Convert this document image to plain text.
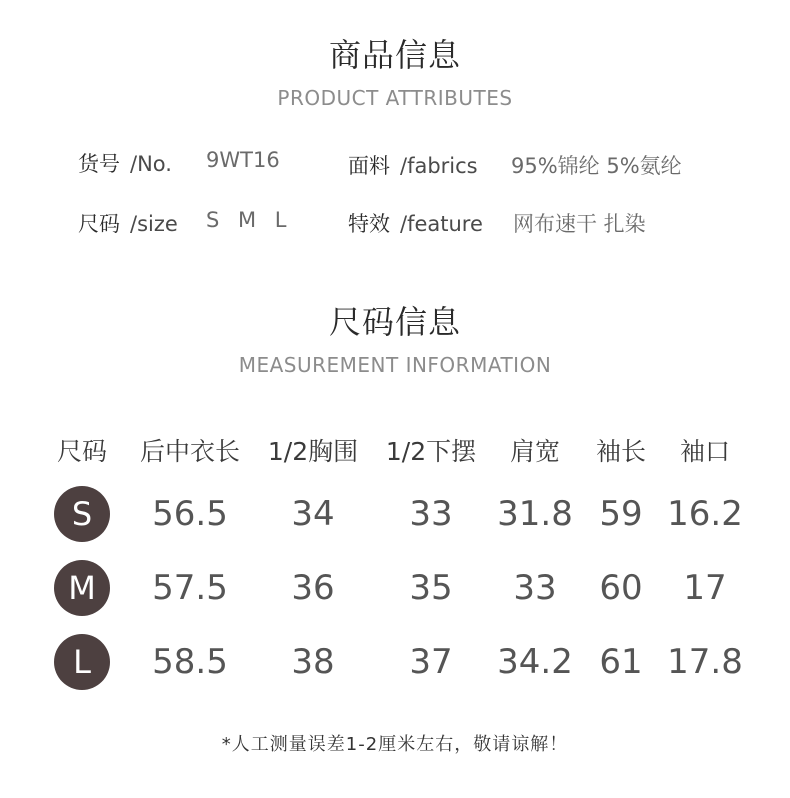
商品信息
PRODUCT ATTRIBUTES
货号 /No. 9WT16	面料 /fabrics 95%锦纶 5%氨纶
尺码 /size S M L	特效 /feature 网布速干 扎染
尺码信息
MEASUREMENT INFORMATION
尺码 后中衣长 1/2胸围 1/2下摆 肩宽 袖长 袖口
S	56.5 34 33 31.8 59 16.2
M	57.5 36 35 33 60 17
L	58.5 38 37 34.2 61 17.8
*人工测量误差1-2厘米左右，敬请谅解！
